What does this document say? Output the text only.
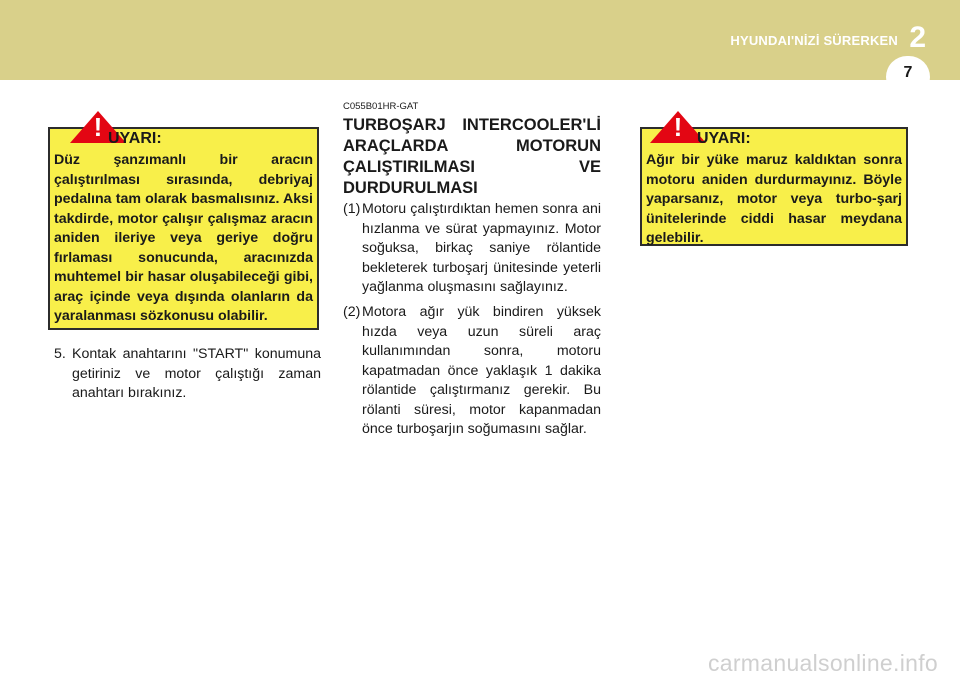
HYUNDAI'NİZİ SÜRERKEN 2
7
! UYARI:
Düz şanzımanlı bir aracın çalıştırılması sırasında, debriyaj pedalına tam olarak basmalısınız. Aksi takdirde, motor çalışır çalışmaz aracın aniden ileriye veya geriye doğru fırlaması sonucunda, aracınızda muhtemel bir hasar oluşabileceği gibi, araç içinde veya dışında olanların da yaralanması sözkonusu olabilir.
5. Kontak anahtarını "START" konumuna getiriniz ve motor çalıştığı zaman anahtarı bırakınız.
C055B01HR-GAT
TURBOŞARJ INTERCOOLER'Lİ ARAÇLARDA MOTORUN ÇALIŞTIRILMASI VE DURDURULMASI
(1) Motoru çalıştırdıktan hemen sonra ani hızlanma ve sürat yapmayınız. Motor soğuksa, birkaç saniye rölantide bekleterek turboşarj ünitesinde yeterli yağlanma oluşmasını sağlayınız.
(2) Motora ağır yük bindiren yüksek hızda veya uzun süreli araç kullanımından sonra, motoru kapatmadan önce yaklaşık 1 dakika rölantide çalıştırmanız gerekir. Bu rölanti süresi, motor kapanmadan önce turboşarjın soğumasını sağlar.
! UYARI:
Ağır bir yüke maruz kaldıktan sonra motoru aniden durdurmayınız. Böyle yaparsanız, motor veya turbo-şarj ünitelerinde ciddi hasar meydana gelebilir.
carmanualsonline.info
